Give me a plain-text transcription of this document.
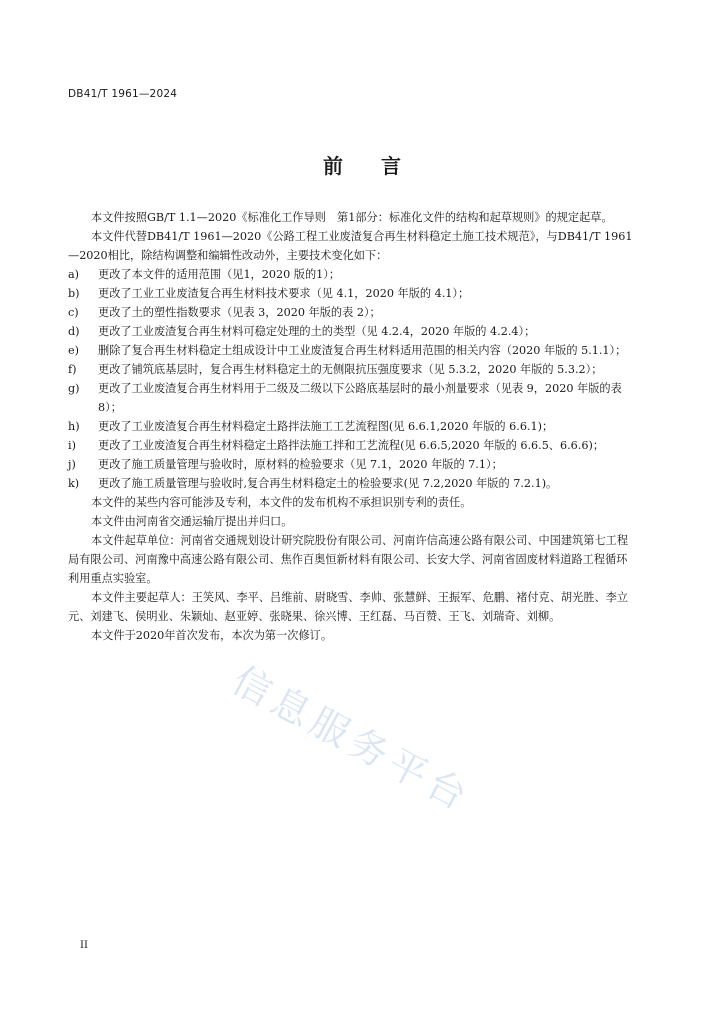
DB41/T 1961—2024
前言

本文件按照GB/T 1.1—2020《标准化工作导则　第1部分：标准化文件的结构和起草规则》的规定起草。

本文件代替DB41/T 1961—2020《公路工程工业废渣复合再生材料稳定土施工技术规范》，与DB41/T 1961—2020相比，除结构调整和编辑性改动外，主要技术变化如下：

a)	更改了本文件的适用范围（见1，2020 版的1）；
b)	更改了工业工业废渣复合再生材料技术要求（见 4.1，2020 年版的 4.1）；
c)	更改了土的塑性指数要求（见表 3，2020 年版的表 2）；
d)	更改了工业废渣复合再生材料可稳定处理的土的类型（见 4.2.4，2020 年版的 4.2.4）；
e)	删除了复合再生材料稳定土组成设计中工业废渣复合再生材料适用范围的相关内容（2020 年版的 5.1.1）；
f)	更改了铺筑底基层时，复合再生材料稳定土的无侧限抗压强度要求（见 5.3.2，2020 年版的 5.3.2）；
g)	更改了工业废渣复合再生材料用于二级及二级以下公路底基层时的最小剂量要求（见表 9，2020 年版的表 8）；
h)	更改了工业废渣复合再生材料稳定土路拌法施工工艺流程图(见 6.6.1,2020 年版的 6.6.1)；
i)	更改了工业废渣复合再生材料稳定土路拌法施工拌和工艺流程(见 6.6.5,2020 年版的 6.6.5、6.6.6)；
j)	更改了施工质量管理与验收时，原材料的检验要求（见 7.1，2020 年版的 7.1）；
k)	更改了施工质量管理与验收时,复合再生材料稳定土的检验要求(见 7.2,2020 年版的 7.2.1)。

本文件的某些内容可能涉及专利，本文件的发布机构不承担识别专利的责任。

本文件由河南省交通运输厅提出并归口。

本文件起草单位：河南省交通规划设计研究院股份有限公司、河南许信高速公路有限公司、中国建筑第七工程局有限公司、河南豫中高速公路有限公司、焦作百奥恒新材料有限公司、长安大学、河南省固废材料道路工程循环利用重点实验室。

本文件主要起草人：王笑风、李平、吕维前、尉晓雪、李帅、张慧鲜、王振军、危鹏、褚付克、胡光胜、李立元、刘建飞、侯明业、朱颖灿、赵亚婷、张晓果、徐兴博、王红磊、马百赞、王飞、刘瑞奇、刘柳。

本文件于2020年首次发布，本次为第一次修订。

信息服务平台
II
